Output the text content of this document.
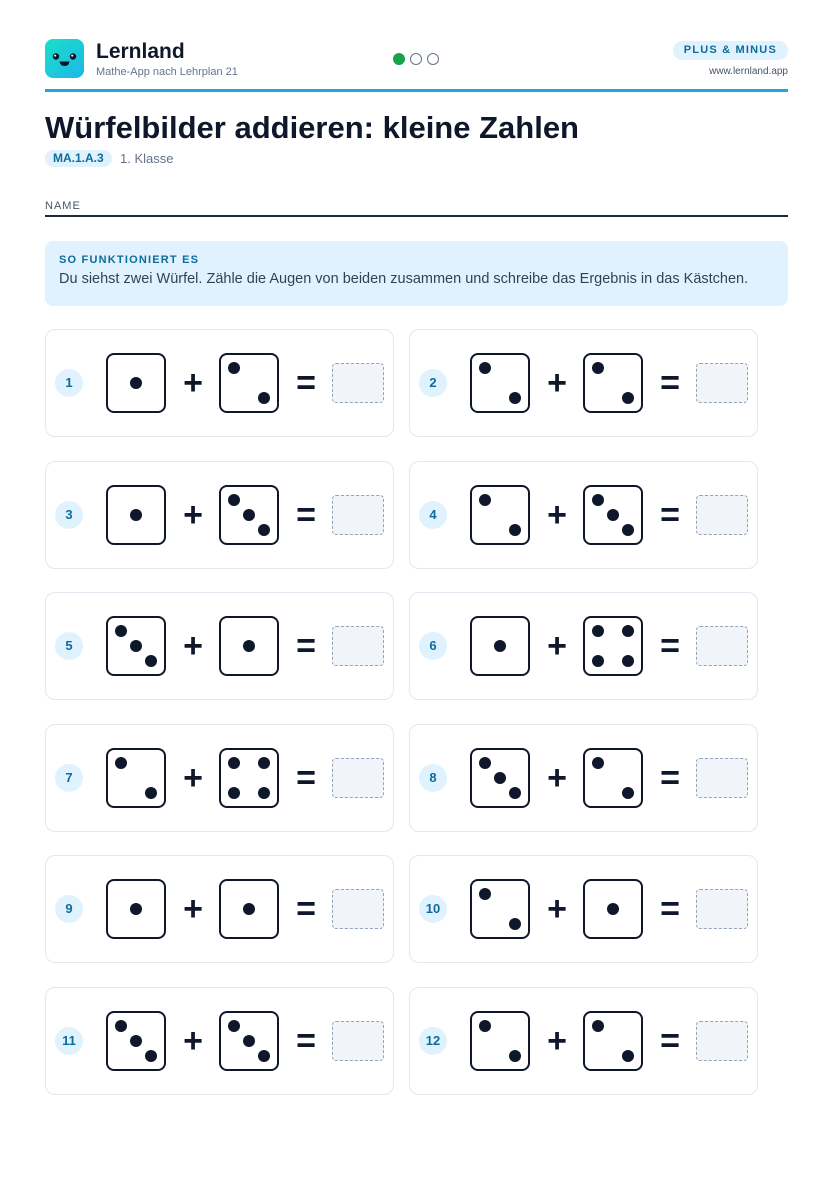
Lernland
Mathe-App nach Lehrplan 21
PLUS & MINUS
www.lernland.app
Würfelbilder addieren: kleine Zahlen
MA.1.A.3	1. Klasse
NAME
SO FUNKTIONIERT ES
Du siehst zwei Würfel. Zähle die Augen von beiden zusammen und schreibe das Ergebnis in das Kästchen.
1	+	=	2	+	=
3	+	=	4	+	=
5	+	=	6	+	=
7	+	=	8	+	=
9	+	=	10	+	=
11	+	=	12	+	=
